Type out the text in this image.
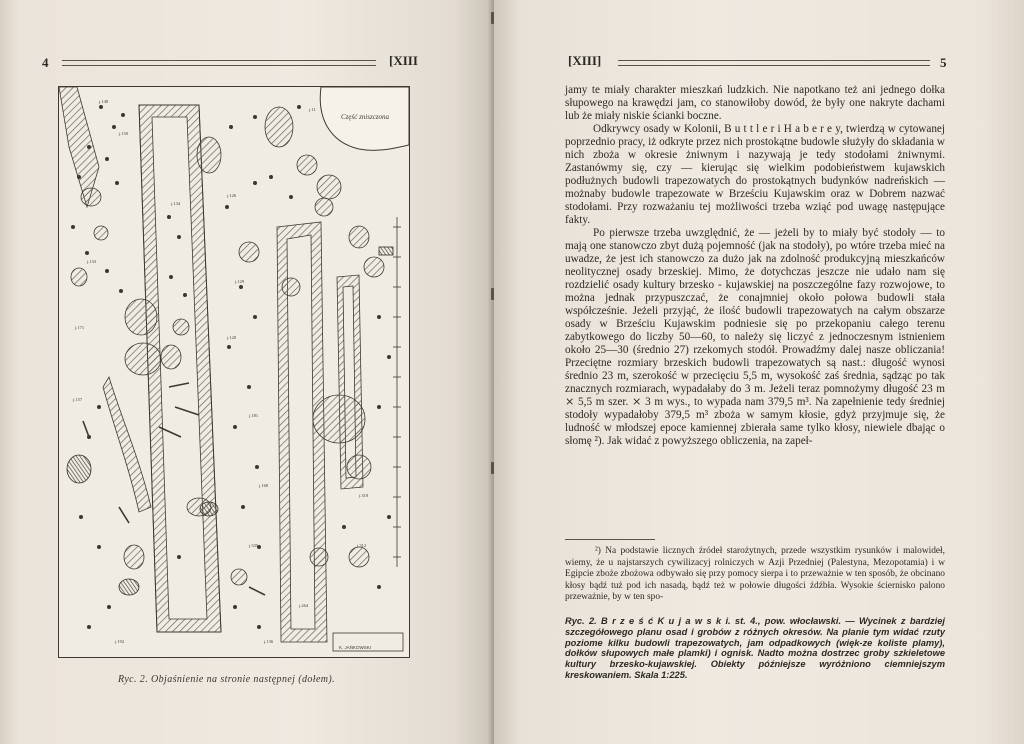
4	[XIII
j.148
j.150
j.134
j.126
j.129
j.120
j.133
j.171
j.157
j.181
j.168
j.264
j.335
j.318
j.312
j.192
j.11
j.136
Część zniszczona
K. JAŃKOWSKI
Ryc. 2. Objaśnienie na stronie następnej (dołem).
[XIII]	5

jamy te miały charakter mieszkań ludzkich. Nie napotkano też ani jednego dołka słupowego na krawędzi jam, co stanowiłoby dowód, że były one nakryte dachami lub że miały niskie ścianki boczne.

Odkrywcy osady w Kolonii, B u t t l e r i H a b e r e y, twierdzą w cytowanej poprzednio pracy, iż odkryte przez nich prostokątne budowle służyły do składania w nich zboża w okresie żniwnym i nazywają je tedy stodołami żniwnymi. Zastanówmy się, czy — kierując się wielkim podobieństwem kujawskich podłużnych budowli trapezowatych do prostokątnych budynków nadreńskich — możnaby budowle trapezowate w Brześciu Kujawskim oraz w Dobrem nazwać stodołami. Przy rozważaniu tej możliwości trzeba wziąć pod uwagę następujące fakty.

Po pierwsze trzeba uwzględnić, że — jeżeli by to miały być stodoły — to mają one stanowczo zbyt dużą pojemność (jak na stodoły), po wtóre trzeba mieć na uwadze, że jest ich stanowczo za dużo jak na zdolność produkcyjną mieszkańców neolitycznej osady brzeskiej. Mimo, że dotychczas jeszcze nie udało nam się rozdzielić osady kultury brzesko - kujawskiej na poszczególne fazy rozwojowe, to można jednak przypuszczać, że conajmniej około połowa budowli stała współcześnie. Jeżeli przyjąć, że ilość budowli trapezowatych na całym obszarze osady w Brześciu Kujawskim podniesie się po przekopaniu całego terenu zabytkowego do liczby 50—60, to należy się liczyć z jednoczesnym istnieniem około 25—30 (średnio 27) rzekomych stodół. Prowadźmy dalej nasze obliczania! Przeciętne rozmiary brzeskich budowli trapezowatych są nast.: długość wynosi średnio 23 m, szerokość w przecięciu 5,5 m, wysokość zaś średnia, sądząc po tak znacznych rozmiarach, wypadałaby do 3 m. Jeżeli teraz pomnożymy długość 23 m ⨯ 5,5 m szer. ⨯ 3 m wys., to wypada nam 379,5 m³. Na zapełnienie tedy średniej stodoły wypadałoby 379,5 m³ zboża w samym kłosie, gdyż przyjmuje się, że ludność w młodszej epoce kamiennej zbierała same tylko kłosy, niewiele dbając o słomę ²). Jak widać z powyższego obliczenia, na zapeł-

²) Na podstawie licznych źródeł starożytnych, przede wszystkim rysunków i malowideł, wiemy, że u najstarszych cywilizacyj rolniczych w Azji Przedniej (Palestyna, Mezopotamia) i w Egipcie zboże zbożowa odbywało się przy pomocy sierpa i to przeważnie w ten sposób, że obcinano kłosy bądź tuż pod ich nasadą, bądź też w połowie długości źdźbła. Wysokie ściernisko palono przeważnie, by w ten spo-

Ryc. 2. B r z e ś ć K u j a w s k i. st. 4., pow. włocławski. — Wycinek z bardziej szczegółowego planu osad i grobów z różnych okresów. Na planie tym widać rzuty poziome kilku budowli trapezowatych, jam odpadkowych (więk-ze koliste plamy), dołków słupowych małe plamki) i ognisk. Nadto można dostrzec groby szkieletowe kultury brzesko-kujawskiej. Obiekty późniejsze wyróżniono ciemniejszym kreskowaniem. Skala 1:225.
